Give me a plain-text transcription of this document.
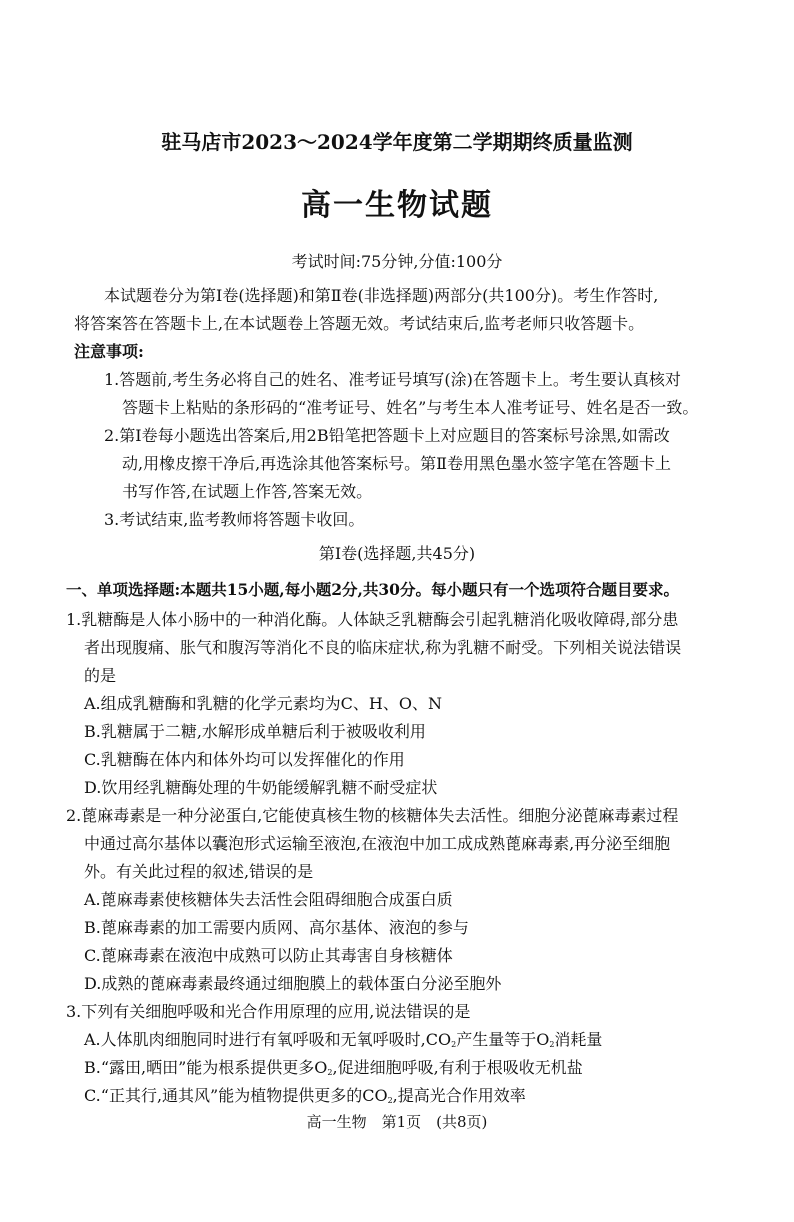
驻马店市2023～2024学年度第二学期期终质量监测
高一生物试题
考试时间:75分钟,分值:100分
本试题卷分为第Ⅰ卷(选择题)和第Ⅱ卷(非选择题)两部分(共100分)。考生作答时,
将答案答在答题卡上,在本试题卷上答题无效。考试结束后,监考老师只收答题卡。
注意事项:
1.答题前,考生务必将自己的姓名、准考证号填写(涂)在答题卡上。考生要认真核对
答题卡上粘贴的条形码的“准考证号、姓名”与考生本人准考证号、姓名是否一致。
2.第Ⅰ卷每小题选出答案后,用2B铅笔把答题卡上对应题目的答案标号涂黑,如需改
动,用橡皮擦干净后,再选涂其他答案标号。第Ⅱ卷用黑色墨水签字笔在答题卡上
书写作答,在试题上作答,答案无效。
3.考试结束,监考教师将答题卡收回。
第Ⅰ卷(选择题,共45分)
一、单项选择题:本题共15小题,每小题2分,共30分。每小题只有一个选项符合题目要求。
1.乳糖酶是人体小肠中的一种消化酶。人体缺乏乳糖酶会引起乳糖消化吸收障碍,部分患
者出现腹痛、胀气和腹泻等消化不良的临床症状,称为乳糖不耐受。下列相关说法错误
的是
A.组成乳糖酶和乳糖的化学元素均为C、H、O、N
B.乳糖属于二糖,水解形成单糖后利于被吸收利用
C.乳糖酶在体内和体外均可以发挥催化的作用
D.饮用经乳糖酶处理的牛奶能缓解乳糖不耐受症状
2.蓖麻毒素是一种分泌蛋白,它能使真核生物的核糖体失去活性。细胞分泌蓖麻毒素过程
中通过高尔基体以囊泡形式运输至液泡,在液泡中加工成成熟蓖麻毒素,再分泌至细胞
外。有关此过程的叙述,错误的是
A.蓖麻毒素使核糖体失去活性会阻碍细胞合成蛋白质
B.蓖麻毒素的加工需要内质网、高尔基体、液泡的参与
C.蓖麻毒素在液泡中成熟可以防止其毒害自身核糖体
D.成熟的蓖麻毒素最终通过细胞膜上的载体蛋白分泌至胞外
3.下列有关细胞呼吸和光合作用原理的应用,说法错误的是
A.人体肌肉细胞同时进行有氧呼吸和无氧呼吸时$,CO_2$产生量等于$O_2$消耗量
B.“露田,晒田”能为根系提供更多$O_2$,促进细胞呼吸,有利于根吸收无机盐
C.“正其行,通其风”能为植物提供更多的$CO_2$,提高光合作用效率
高一生物　第1页　(共8页)
